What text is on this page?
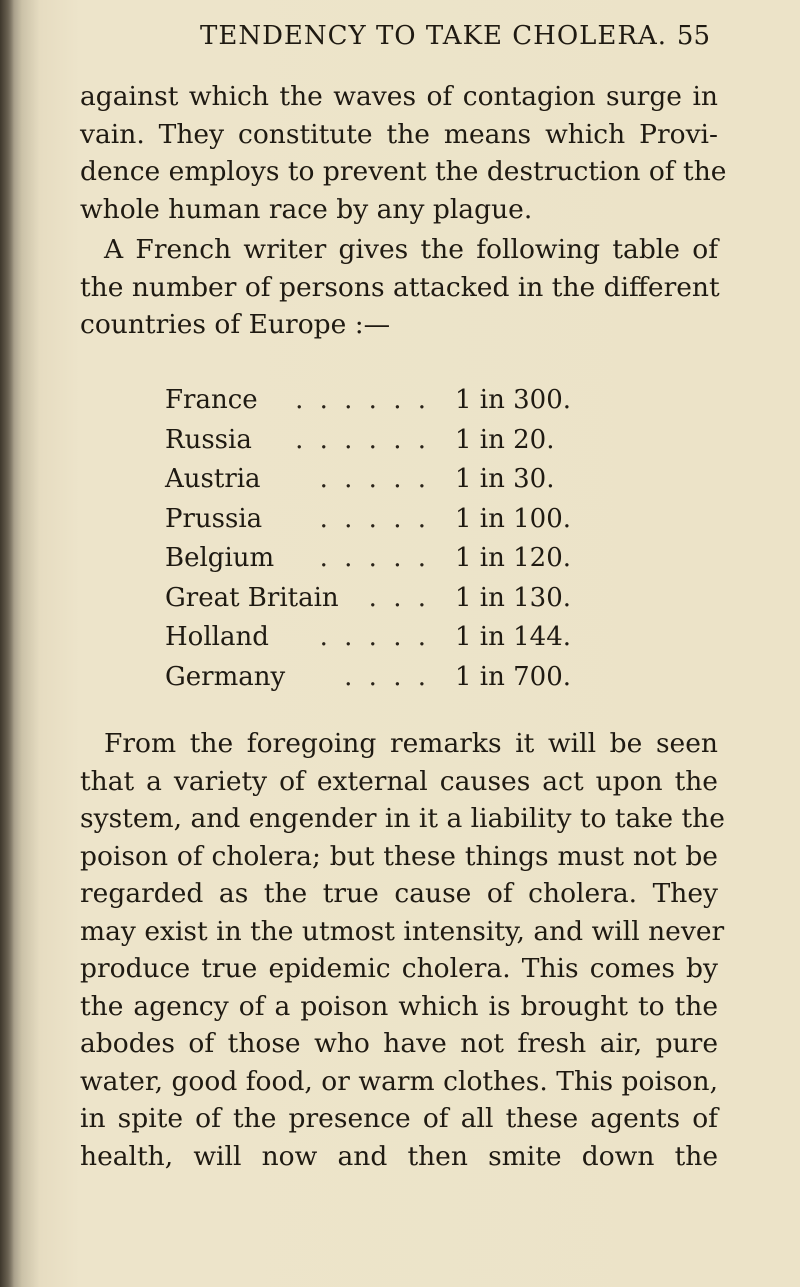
TENDENCY TO TAKE CHOLERA. 55
against which the waves of contagion surge in
vain. They constitute the means which Provi-
dence employs to prevent the destruction of the
whole human race by any plague.
A French writer gives the following table of
the number of persons attacked in the different
countries of Europe :—
France . . . . . . 1 in 300.
Russia . . . . . . 1 in 20.
Austria . . . . . 1 in 30.
Prussia . . . . . 1 in 100.
Belgium . . . . . 1 in 120.
Great Britain . . . 1 in 130.
Holland . . . . . 1 in 144.
Germany . . . . 1 in 700.
From the foregoing remarks it will be seen
that a variety of external causes act upon the
system, and engender in it a liability to take the
poison of cholera; but these things must not be
regarded as the true cause of cholera. They
may exist in the utmost intensity, and will never
produce true epidemic cholera. This comes by
the agency of a poison which is brought to the
abodes of those who have not fresh air, pure
water, good food, or warm clothes. This poison,
in spite of the presence of all these agents of
health, will now and then smite down the
